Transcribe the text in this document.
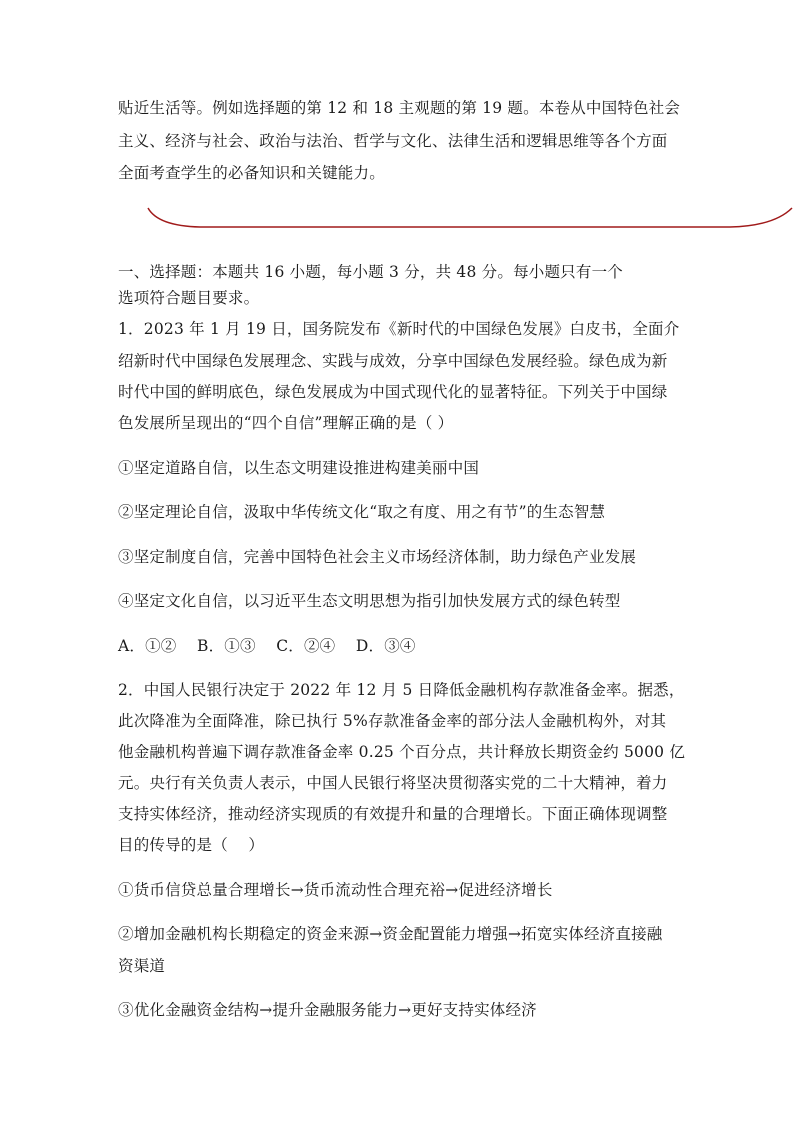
贴近生活等。例如选择题的第 12 和 18 主观题的第 19 题。本卷从中国特色社会
主义、经济与社会、政治与法治、哲学与文化、法律生活和逻辑思维等各个方面
全面考查学生的必备知识和关键能力。
一、选择题：本题共 16 小题，每小题 3 分，共 48 分。每小题只有一个
选项符合题目要求。
1．2023 年 1 月 19 日，国务院发布《新时代的中国绿色发展》白皮书，全面介
绍新时代中国绿色发展理念、实践与成效，分享中国绿色发展经验。绿色成为新
时代中国的鲜明底色，绿色发展成为中国式现代化的显著特征。下列关于中国绿
色发展所呈现出的“四个自信”理解正确的是（ ）
①坚定道路自信，以生态文明建设推进构建美丽中国
②坚定理论自信，汲取中华传统文化“取之有度、用之有节”的生态智慧
③坚定制度自信，完善中国特色社会主义市场经济体制，助力绿色产业发展
④坚定文化自信，以习近平生态文明思想为指引加快发展方式的绿色转型
A．①②    B．①③    C．②④    D．③④
2．中国人民银行决定于 2022 年 12 月 5 日降低金融机构存款准备金率。据悉，
此次降准为全面降准，除已执行 5%存款准备金率的部分法人金融机构外，对其
他金融机构普遍下调存款准备金率 0.25 个百分点，共计释放长期资金约 5000 亿
元。央行有关负责人表示，中国人民银行将坚决贯彻落实党的二十大精神，着力
支持实体经济，推动经济实现质的有效提升和量的合理增长。下面正确体现调整
目的传导的是（    ）
①货币信贷总量合理增长→货币流动性合理充裕→促进经济增长
②增加金融机构长期稳定的资金来源→资金配置能力增强→拓宽实体经济直接融
资渠道
③优化金融资金结构→提升金融服务能力→更好支持实体经济
